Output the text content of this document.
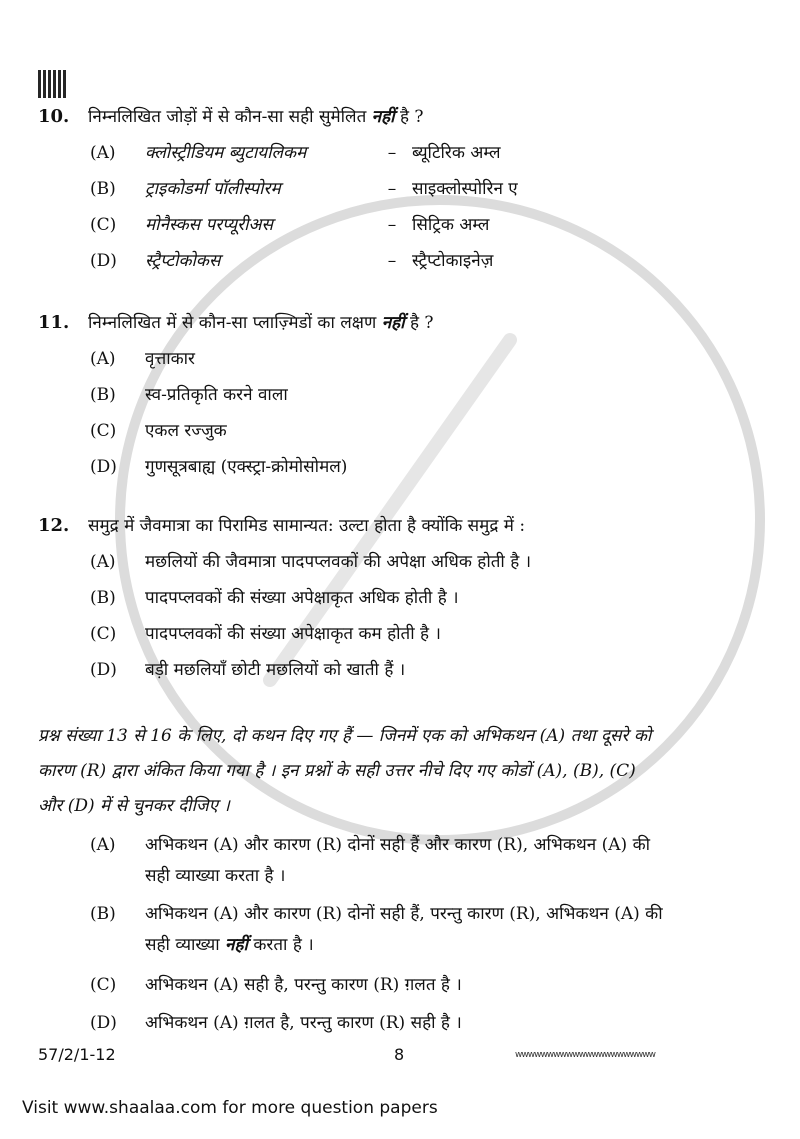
10.	निम्नलिखित जोड़ों में से कौन-सा सही सुमेलित नहीं है ?
(A)	क्लोस्ट्रीडियम ब्युटायलिकम	– ब्यूटिरिक अम्ल
(B)	ट्राइकोडर्मा पॉलीस्पोरम	– साइक्लोस्पोरिन ए
(C)	मोनैस्कस परप्यूरीअस	– सिट्रिक अम्ल
(D)	स्ट्रैप्टोकोकस	– स्ट्रैप्टोकाइनेज़
11.	निम्नलिखित में से कौन-सा प्लाज़्मिडों का लक्षण नहीं है ?
(A)	वृत्ताकार
(B)	स्व-प्रतिकृति करने वाला
(C)	एकल रज्जुक
(D)	गुणसूत्रबाह्य (एक्स्ट्रा-क्रोमोसोमल)
12.	समुद्र में जैवमात्रा का पिरामिड सामान्यत: उल्टा होता है क्योंकि समुद्र में :
(A)	मछलियों की जैवमात्रा पादपप्लवकों की अपेक्षा अधिक होती है ।
(B)	पादपप्लवकों की संख्या अपेक्षाकृत अधिक होती है ।
(C)	पादपप्लवकों की संख्या अपेक्षाकृत कम होती है ।
(D)	बड़ी मछलियाँ छोटी मछलियों को खाती हैं ।
प्रश्न संख्या 13 से 16 के लिए, दो कथन दिए गए हैं — जिनमें एक को अभिकथन (A) तथा दूसरे को
कारण (R) द्वारा अंकित किया गया है । इन प्रश्नों के सही उत्तर नीचे दिए गए कोडों (A), (B), (C)
और (D) में से चुनकर दीजिए ।
(A)	अभिकथन (A) और कारण (R) दोनों सही हैं और कारण (R), अभिकथन (A) की
सही व्याख्या करता है ।
(B)	अभिकथन (A) और कारण (R) दोनों सही हैं, परन्तु कारण (R), अभिकथन (A) की
सही व्याख्या नहीं करता है ।
(C)	अभिकथन (A) सही है, परन्तु कारण (R) ग़लत है ।
(D)	अभिकथन (A) ग़लत है, परन्तु कारण (R) सही है ।
57/2/1-12	8	wwwwwwwwwwwwwwwwwwwwww
Visit www.shaalaa.com for more question papers
